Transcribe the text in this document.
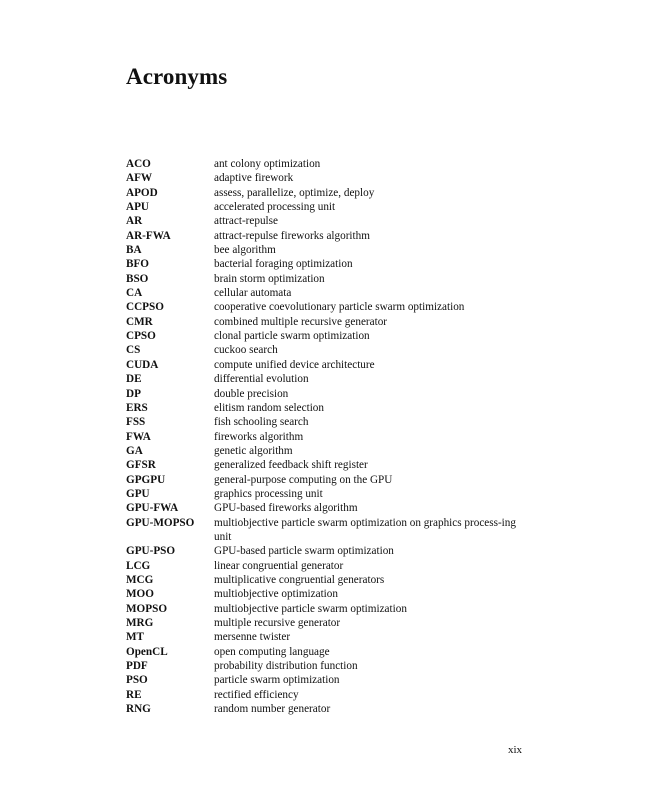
Acronyms
ACO	ant colony optimization
AFW	adaptive firework
APOD	assess, parallelize, optimize, deploy
APU	accelerated processing unit
AR	attract-repulse
AR-FWA	attract-repulse fireworks algorithm
BA	bee algorithm
BFO	bacterial foraging optimization
BSO	brain storm optimization
CA	cellular automata
CCPSO	cooperative coevolutionary particle swarm optimization
CMR	combined multiple recursive generator
CPSO	clonal particle swarm optimization
CS	cuckoo search
CUDA	compute unified device architecture
DE	differential evolution
DP	double precision
ERS	elitism random selection
FSS	fish schooling search
FWA	fireworks algorithm
GA	genetic algorithm
GFSR	generalized feedback shift register
GPGPU	general-purpose computing on the GPU
GPU	graphics processing unit
GPU-FWA	GPU-based fireworks algorithm
GPU-MOPSO	multiobjective particle swarm optimization on graphics process-ing unit
GPU-PSO	GPU-based particle swarm optimization
LCG	linear congruential generator
MCG	multiplicative congruential generators
MOO	multiobjective optimization
MOPSO	multiobjective particle swarm optimization
MRG	multiple recursive generator
MT	mersenne twister
OpenCL	open computing language
PDF	probability distribution function
PSO	particle swarm optimization
RE	rectified efficiency
RNG	random number generator
xix
